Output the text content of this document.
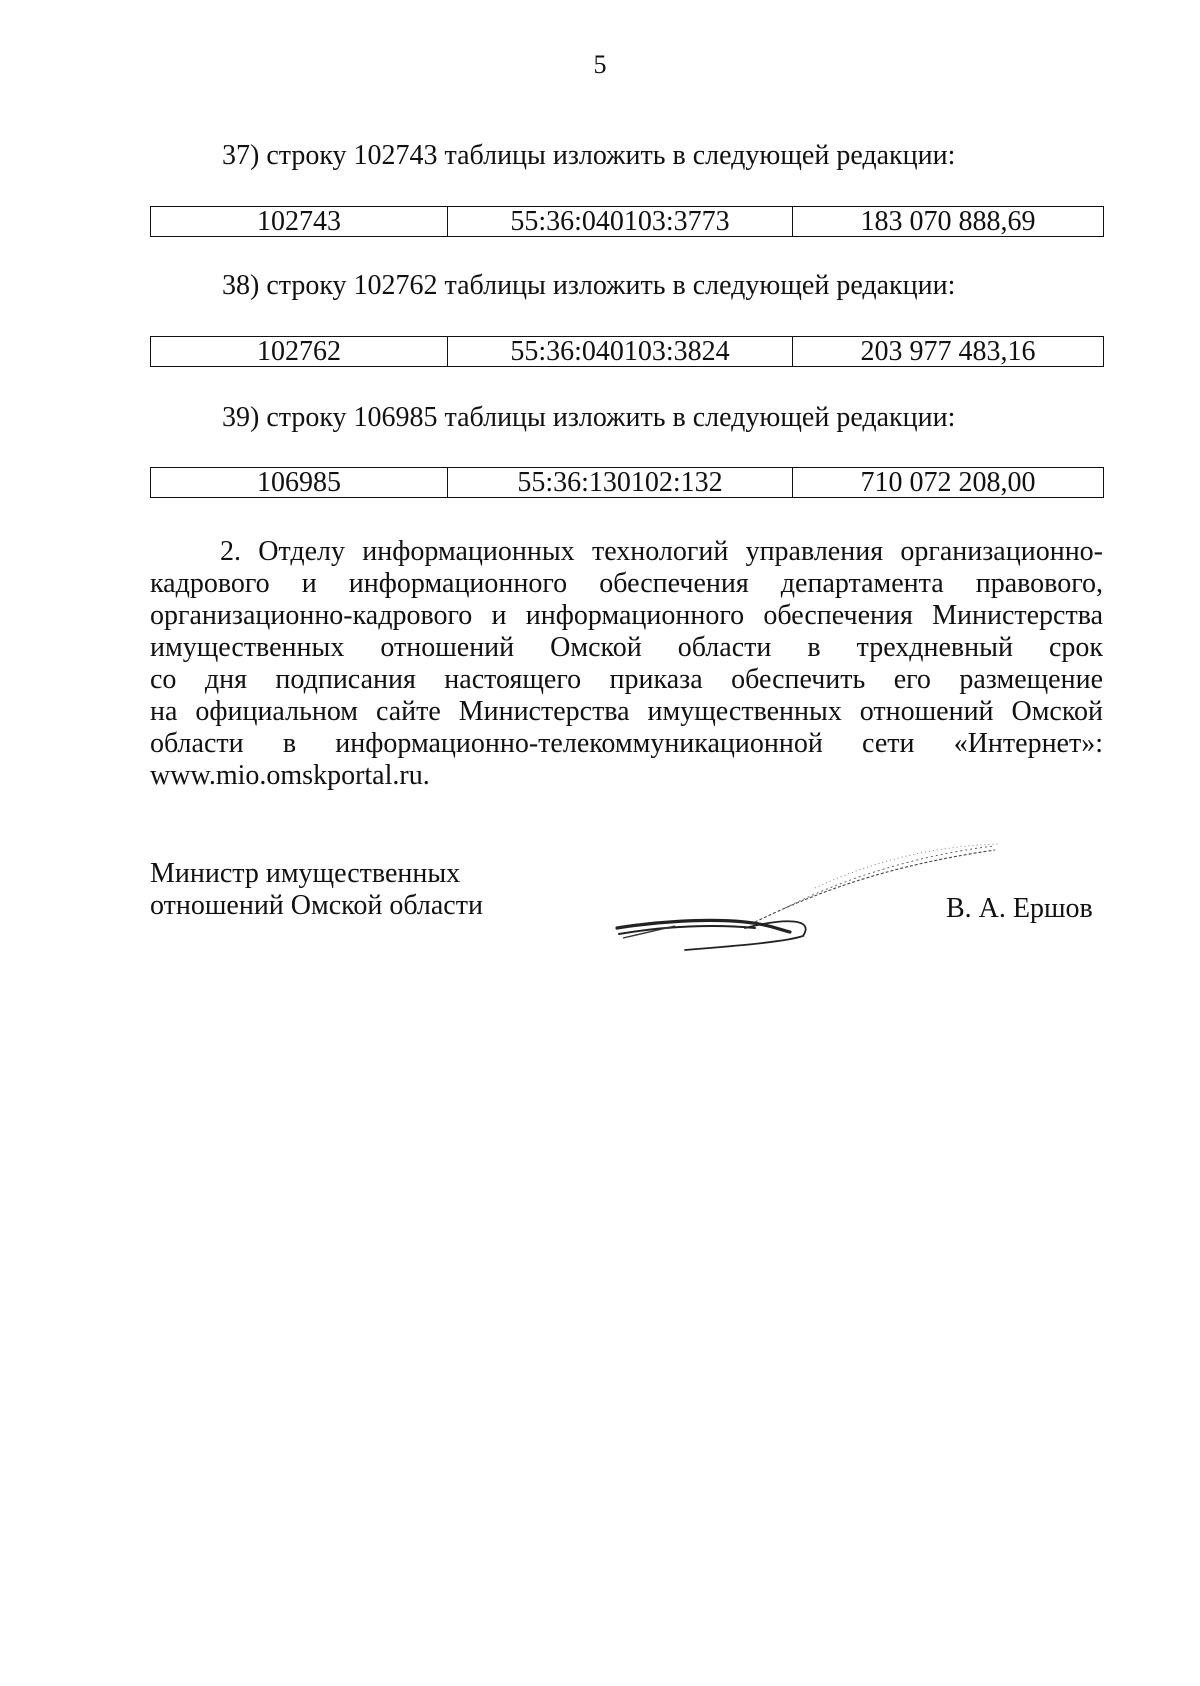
5
37) строку 102743 таблицы изложить в следующей редакции:
102743	55:36:040103:3773	183 070 888,69
38) строку 102762 таблицы изложить в следующей редакции:
102762	55:36:040103:3824	203 977 483,16
39) строку 106985 таблицы изложить в следующей редакции:
106985	55:36:130102:132	710 072 208,00
2. Отделу информационных технологий управления организационно-
кадрового и информационного обеспечения департамента правового,
организационно-кадрового и информационного обеспечения Министерства
имущественных отношений Омской области в трехдневный срок
со дня подписания настоящего приказа обеспечить его размещение
на официальном сайте Министерства имущественных отношений Омской
области в информационно-телекоммуникационной сети «Интернет»:
www.mio.omskportal.ru.
Министр имущественных
отношений Омской области	В. А. Ершов
